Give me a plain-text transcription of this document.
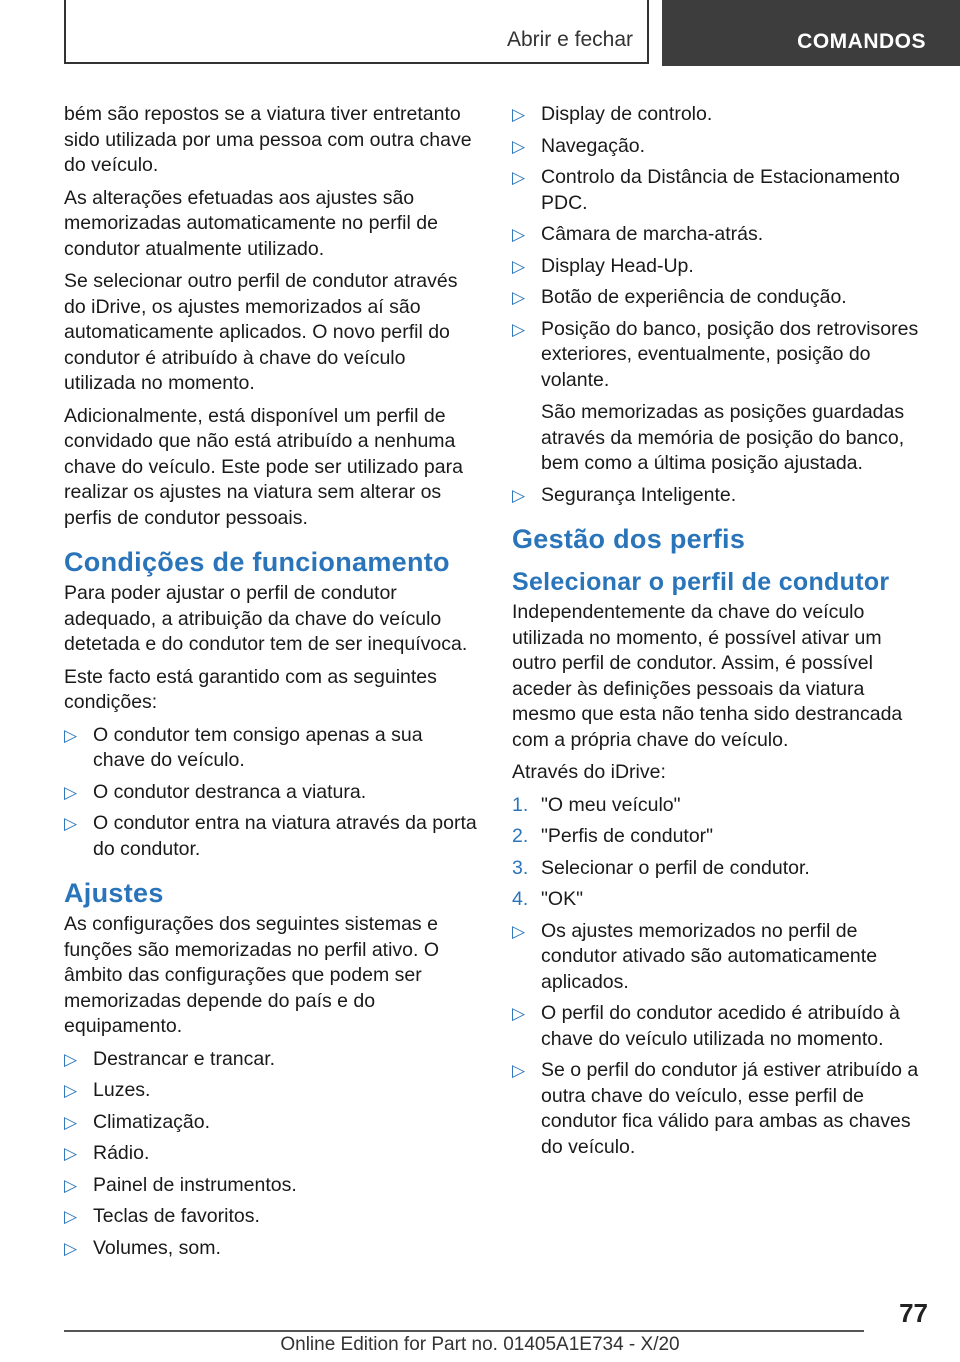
Abrir e fechar	COMANDOS

bém são repostos se a viatura tiver entretanto sido utilizada por uma pessoa com outra chave do veículo.

As alterações efetuadas aos ajustes são memorizadas automaticamente no perfil de condutor atualmente utilizado.

Se selecionar outro perfil de condutor através do iDrive, os ajustes memorizados aí são automaticamente aplicados. O novo perfil do condutor é atribuído à chave do veículo utilizada no momento.

Adicionalmente, está disponível um perfil de convidado que não está atribuído a nenhuma chave do veículo. Este pode ser utilizado para realizar os ajustes na viatura sem alterar os perfis de condutor pessoais.

Condições de funcionamento

Para poder ajustar o perfil de condutor adequado, a atribuição da chave do veículo detetada e do condutor tem de ser inequívoca.

Este facto está garantido com as seguintes condições:

▷ O condutor tem consigo apenas a sua chave do veículo.
▷ O condutor destranca a viatura.
▷ O condutor entra na viatura através da porta do condutor.
Ajustes

As configurações dos seguintes sistemas e funções são memorizadas no perfil ativo. O âmbito das configurações que podem ser memorizadas depende do país e do equipamento.

▷ Destrancar e trancar.
▷ Luzes.
▷ Climatização.
▷ Rádio.
▷ Painel de instrumentos.
▷ Teclas de favoritos.
▷ Volumes, som.
▷ Display de controlo.
▷ Navegação.
▷ Controlo da Distância de Estacionamento PDC.
▷ Câmara de marcha-atrás.
▷ Display Head-Up.
▷ Botão de experiência de condução.
▷ Posição do banco, posição dos retrovisores exteriores, eventualmente, posição do volante.
São memorizadas as posições guardadas através da memória de posição do banco, bem como a última posição ajustada.
▷ Segurança Inteligente.
Gestão dos perfis
Selecionar o perfil de condutor

Independentemente da chave do veículo utilizada no momento, é possível ativar um outro perfil de condutor. Assim, é possível aceder às definições pessoais da viatura mesmo que esta não tenha sido destrancada com a própria chave do veículo.

Através do iDrive:

1. "O meu veículo"
2. "Perfis de condutor"
3. Selecionar o perfil de condutor.
4. "OK"
▷ Os ajustes memorizados no perfil de condutor ativado são automaticamente aplicados.
▷ O perfil do condutor acedido é atribuído à chave do veículo utilizada no momento.
▷ Se o perfil do condutor já estiver atribuído a outra chave do veículo, esse perfil de condutor fica válido para ambas as chaves do veículo.
77
Online Edition for Part no. 01405A1E734 - X/20
